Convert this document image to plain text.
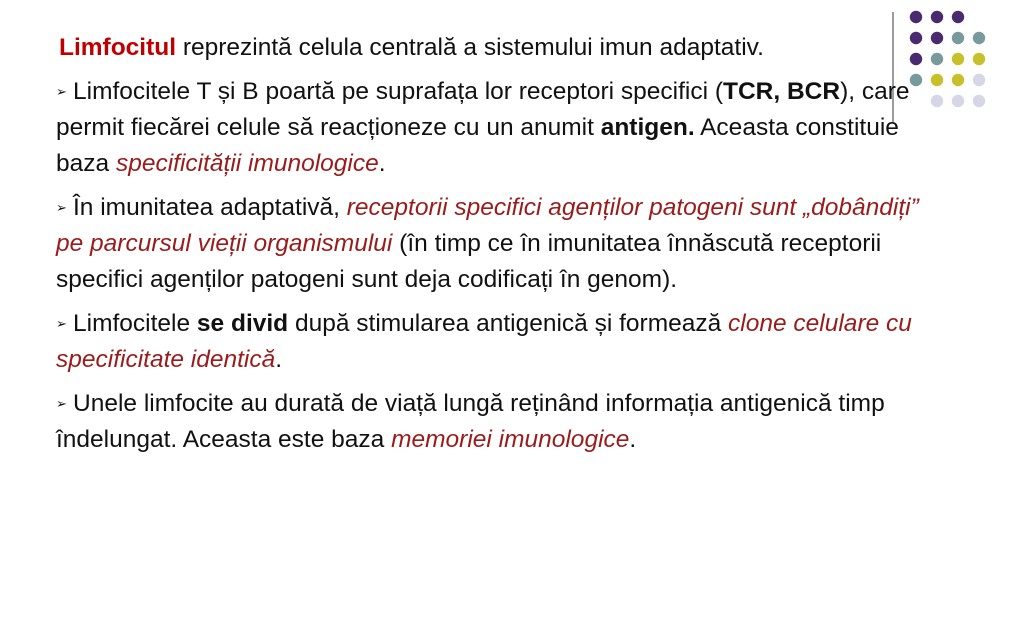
Limfocitul reprezintă celula centrală a sistemului imun adaptativ.

➢ Limfocitele T și B poartă pe suprafața lor receptori specifici (TCR, BCR), care permit fiecărei celule să reacționeze cu un anumit antigen. Aceasta constituie baza specificității imunologice.

➢ În imunitatea adaptativă, receptorii specifici agenților patogeni sunt „dobândiți” pe parcursul vieții organismului (în timp ce în imunitatea înnăscută receptorii specifici agenților patogeni sunt deja codificați în genom).

➢ Limfocitele se divid după stimularea antigenică și formează clone celulare cu specificitate identică.

➢ Unele limfocite au durată de viață lungă reținând informația antigenică timp îndelungat. Aceasta este baza memoriei imunologice.
